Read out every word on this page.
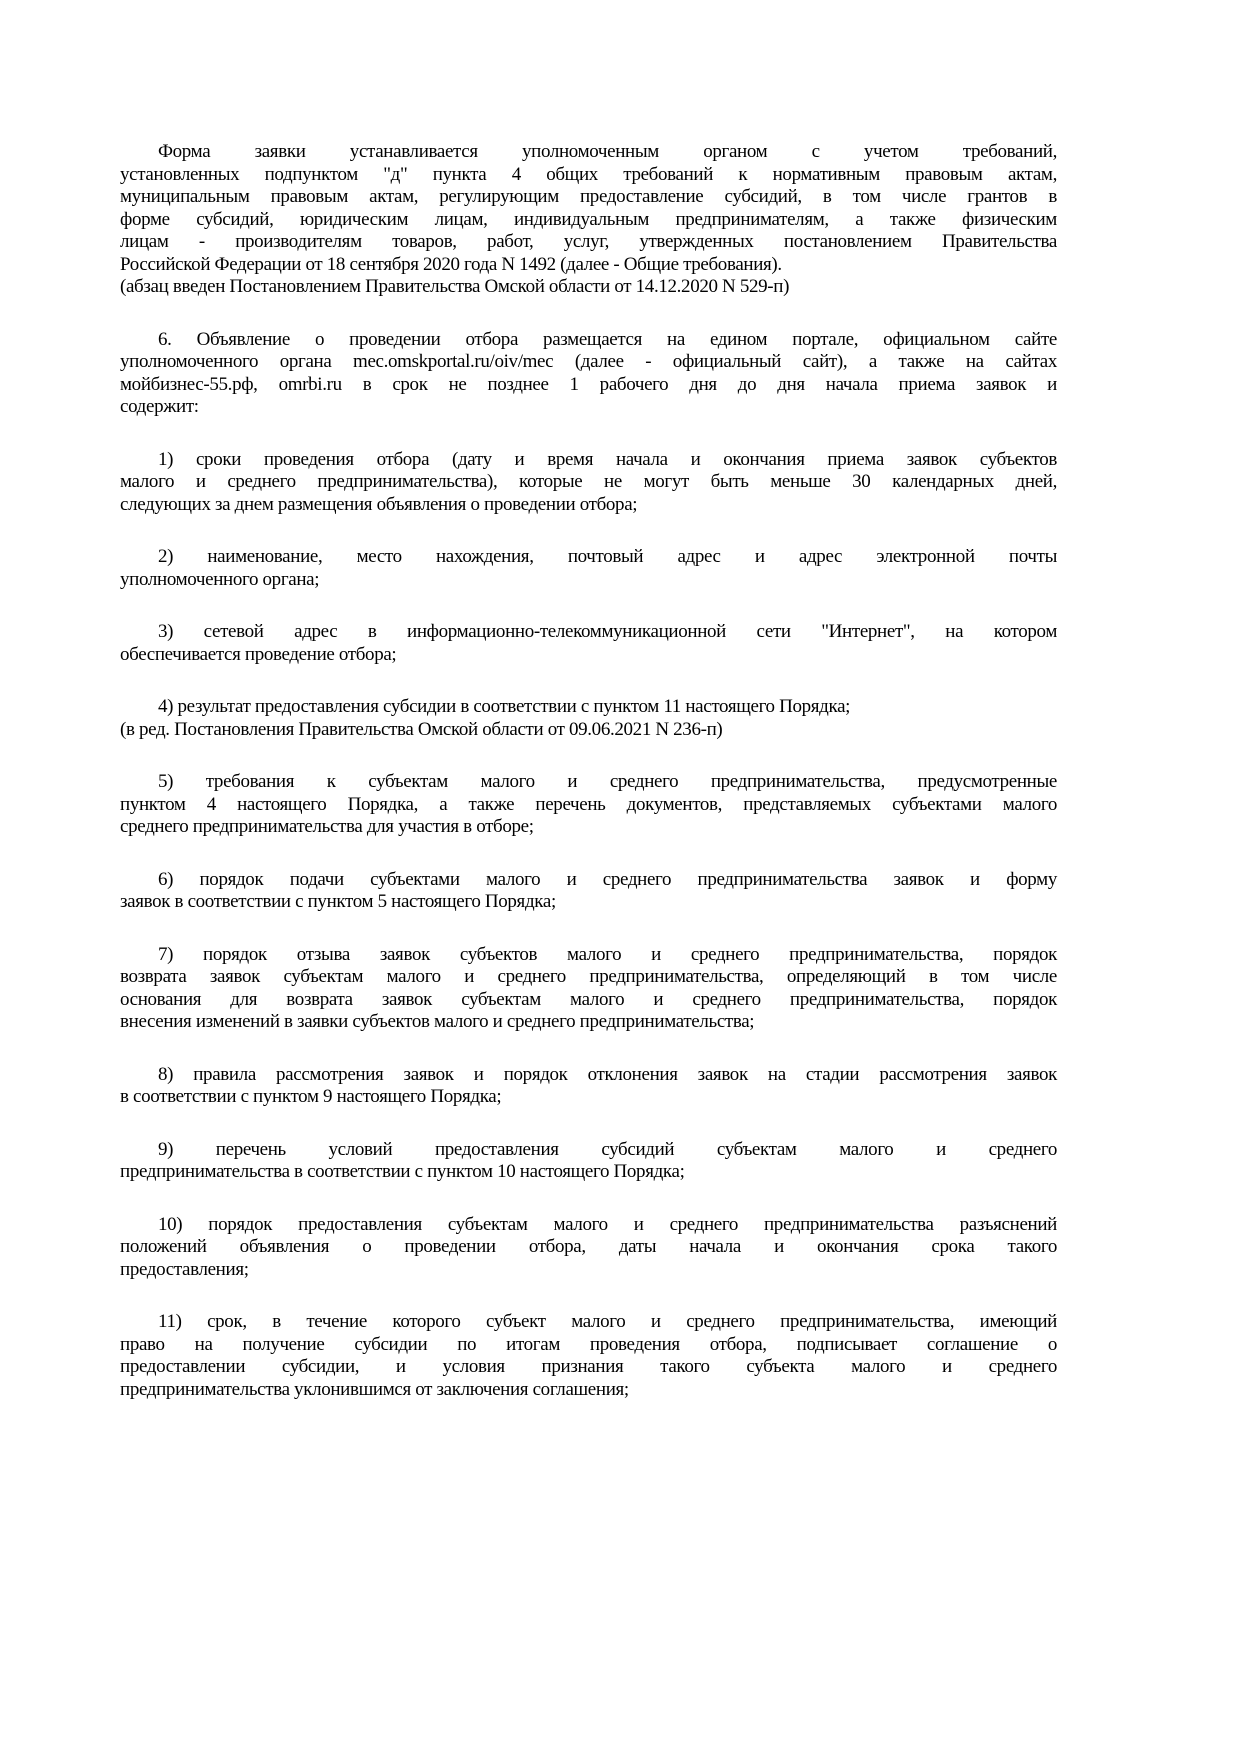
Форма заявки устанавливается уполномоченным органом с учетом требований,
установленных подпунктом "д" пункта 4 общих требований к нормативным правовым актам,
муниципальным правовым актам, регулирующим предоставление субсидий, в том числе грантов в
форме субсидий, юридическим лицам, индивидуальным предпринимателям, а также физическим
лицам - производителям товаров, работ, услуг, утвержденных постановлением Правительства
Российской Федерации от 18 сентября 2020 года N 1492 (далее - Общие требования).
(абзац введен Постановлением Правительства Омской области от 14.12.2020 N 529-п)
6. Объявление о проведении отбора размещается на едином портале, официальном сайте
уполномоченного органа mec.omskportal.ru/oiv/mec (далее - официальный сайт), а также на сайтах
мойбизнес-55.рф, omrbi.ru в срок не позднее 1 рабочего дня до дня начала приема заявок и
содержит:
1) сроки проведения отбора (дату и время начала и окончания приема заявок субъектов
малого и среднего предпринимательства), которые не могут быть меньше 30 календарных дней,
следующих за днем размещения объявления о проведении отбора;
2) наименование, место нахождения, почтовый адрес и адрес электронной почты
уполномоченного органа;
3) сетевой адрес в информационно-телекоммуникационной сети "Интернет", на котором
обеспечивается проведение отбора;
4) результат предоставления субсидии в соответствии с пунктом 11 настоящего Порядка;
(в ред. Постановления Правительства Омской области от 09.06.2021 N 236-п)
5) требования к субъектам малого и среднего предпринимательства, предусмотренные
пунктом 4 настоящего Порядка, а также перечень документов, представляемых субъектами малого
среднего предпринимательства для участия в отборе;
6) порядок подачи субъектами малого и среднего предпринимательства заявок и форму
заявок в соответствии с пунктом 5 настоящего Порядка;
7) порядок отзыва заявок субъектов малого и среднего предпринимательства, порядок
возврата заявок субъектам малого и среднего предпринимательства, определяющий в том числе
основания для возврата заявок субъектам малого и среднего предпринимательства, порядок
внесения изменений в заявки субъектов малого и среднего предпринимательства;
8) правила рассмотрения заявок и порядок отклонения заявок на стадии рассмотрения заявок
в соответствии с пунктом 9 настоящего Порядка;
9) перечень условий предоставления субсидий субъектам малого и среднего
предпринимательства в соответствии с пунктом 10 настоящего Порядка;
10) порядок предоставления субъектам малого и среднего предпринимательства разъяснений
положений объявления о проведении отбора, даты начала и окончания срока такого
предоставления;
11) срок, в течение которого субъект малого и среднего предпринимательства, имеющий
право на получение субсидии по итогам проведения отбора, подписывает соглашение о
предоставлении субсидии, и условия признания такого субъекта малого и среднего
предпринимательства уклонившимся от заключения соглашения;
